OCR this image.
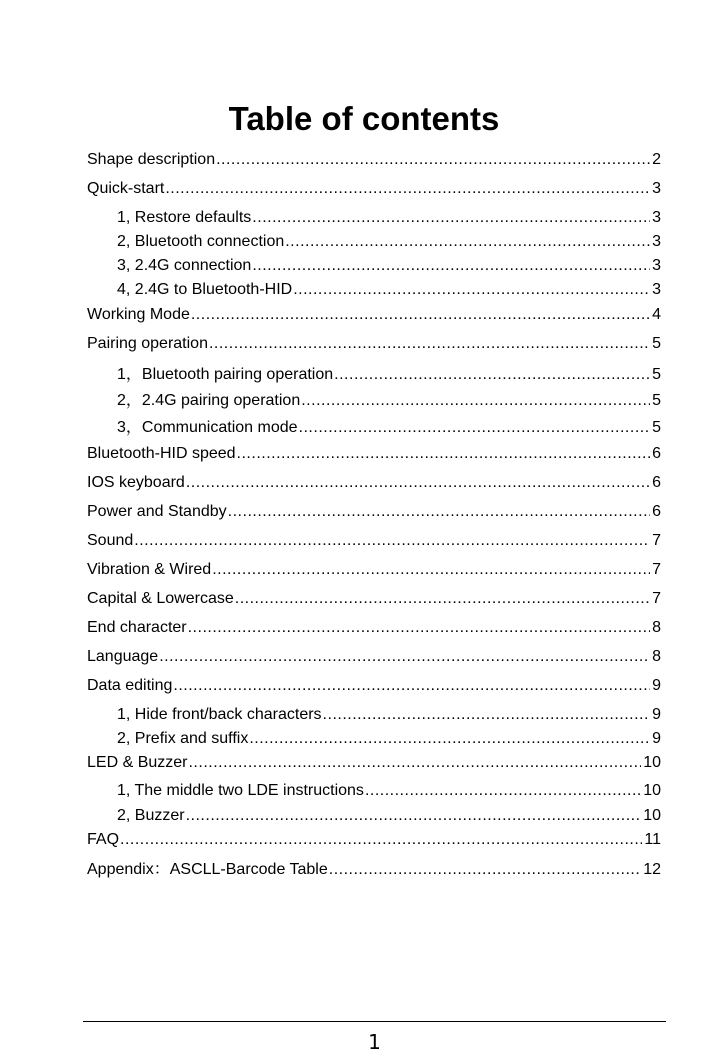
Table of contents
Shape description .....	2
Quick-start .....	3
1, Restore defaults .....	3
2, Bluetooth connection .....	3
3, 2.4G connection .....	3
4, 2.4G to Bluetooth-HID .....	3
Working Mode .....	4
Pairing operation .....	5
1，Bluetooth pairing operation .....	5
2，2.4G pairing operation .....	5
3，Communication mode .....	5
Bluetooth-HID speed .....	6
IOS keyboard .....	6
Power and Standby .....	6
Sound .....	7
Vibration & Wired .....	7
Capital & Lowercase .....	7
End character .....	8
Language .....	8
Data editing .....	9
1, Hide front/back characters .....	9
2, Prefix and suffix .....	9
LED & Buzzer .....	10
1, The middle two LDE instructions .....	10
2, Buzzer .....	10
FAQ .....	11
Appendix：ASCLL-Barcode Table .....	12
1
